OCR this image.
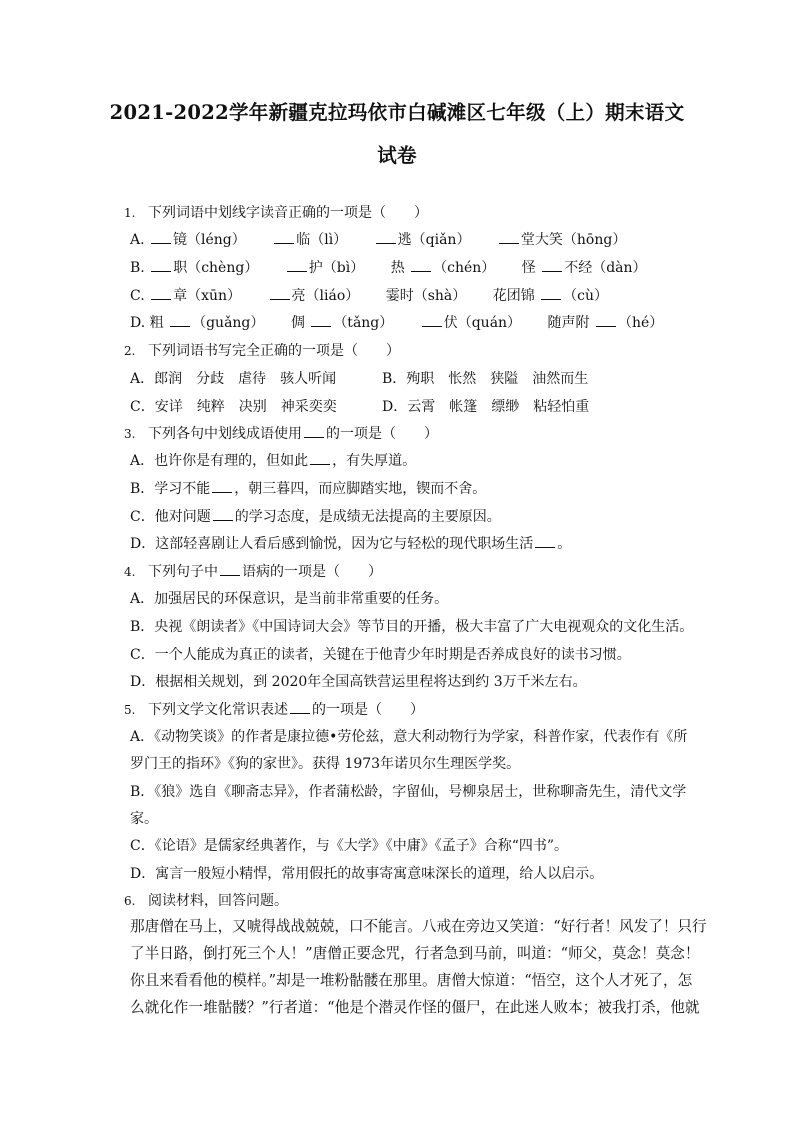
2021-2022学年新疆克拉玛依市白碱滩区七年级（上）期末语文
试卷
1. 下列词语中划线字读音正确的一项是（　　）
A. 镜（léng）	临（lì）	逃（qiǎn）	堂大笑（hōng）
B. 职（chèng）	护（bì） 热 （chén） 怪 不经（dàn）
C. 章（xūn）	亮（liáo） 霎时（shà） 花团锦 （cù）
D. 粗 （guǎng） 倜 （tǎng）	伏（quán） 随声附 （hé）
2. 下列词语书写完全正确的一项是（　　）
A．郎润　分歧　虐待　骇人听闻	B．殉职　怅然　狭隘　油然而生
C．安详　纯粹　决别　神采奕奕	D．云霄　帐篷　缥缈　粘轻怕重
3. 下列各句中划线成语使用 的一项是（　　）
A．也许你是有理的，但如此 ，有失厚道。
B．学习不能 ，朝三暮四，而应脚踏实地，锲而不舍。
C．他对问题 的学习态度，是成绩无法提高的主要原因。
D．这部轻喜剧让人看后感到愉悦，因为它与轻松的现代职场生活 。
4. 下列句子中 语病的一项是（　　）
A．加强居民的环保意识，是当前非常重要的任务。
B．央视《朗读者》《中国诗词大会》等节目的开播，极大丰富了广大电视观众的文化生活。
C．一个人能成为真正的读者，关键在于他青少年时期是否养成良好的读书习惯。
D．根据相关规划，到 2020年全国高铁营运里程将达到约 3万千米左右。
5. 下列文学文化常识表述 的一项是（　　）
A．《动物笑谈》的作者是康拉德•劳伦兹，意大利动物行为学家，科普作家，代表作有《所
罗门王的指环》《狗的家世》。获得 1973年诺贝尔生理医学奖。
B．《狼》选自《聊斋志异》，作者蒲松龄，字留仙，号柳泉居士，世称聊斋先生，清代文学
家。
C．《论语》是儒家经典著作，与《大学》《中庸》《孟子》合称“四书”。
D．寓言一般短小精悍，常用假托的故事寄寓意味深长的道理，给人以启示。
6. 阅读材料，回答问题。
那唐僧在马上，又唬得战战兢兢，口不能言。八戒在旁边又笑道：“好行者！风发了！只行
了半日路，倒打死三个人！”唐僧正要念咒，行者急到马前，叫道：“师父，莫念！莫念！
你且来看看他的模样。”却是一堆粉骷髅在那里。唐僧大惊道：“悟空，这个人才死了，怎
么就化作一堆骷髅？”行者道：“他是个潜灵作怪的僵尸，在此迷人败本；被我打杀，他就
